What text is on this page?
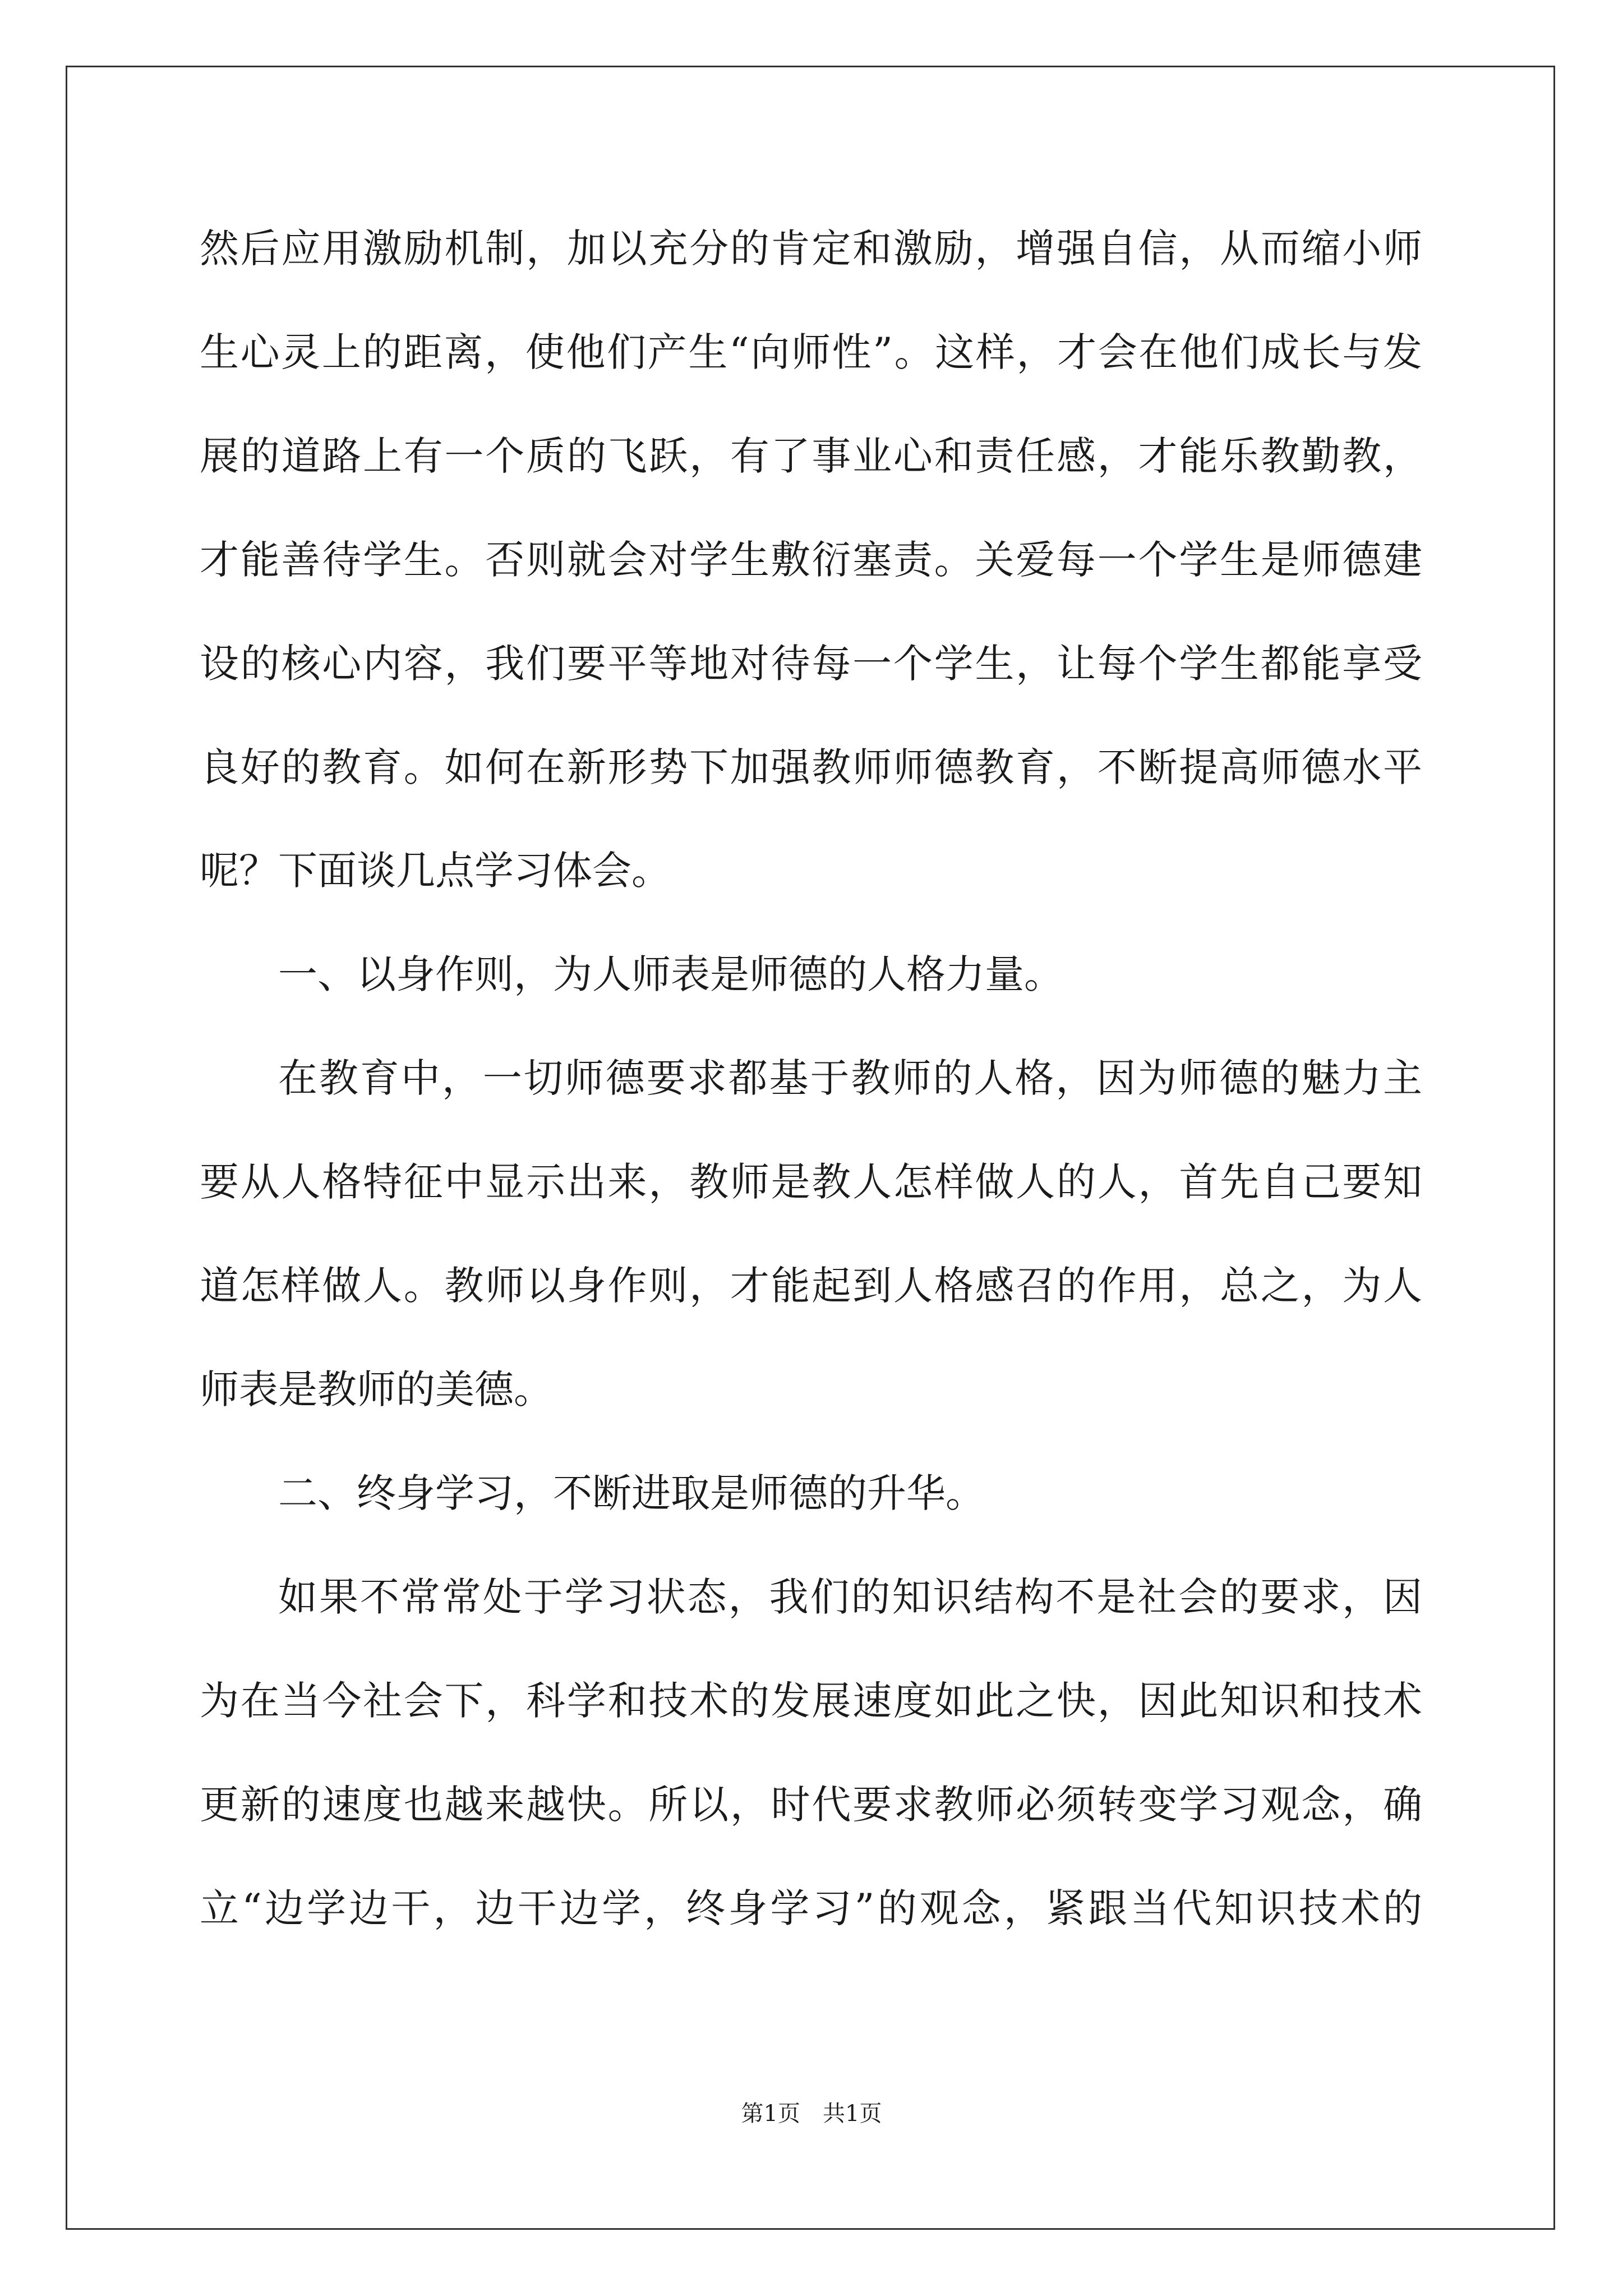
然后应用激励机制，加以充分的肯定和激励，增强自信，从而缩小师
生心灵上的距离，使他们产生“向师性”。这样，才会在他们成长与发
展的道路上有一个质的飞跃，有了事业心和责任感，才能乐教勤教，
才能善待学生。否则就会对学生敷衍塞责。关爱每一个学生是师德建
设的核心内容，我们要平等地对待每一个学生，让每个学生都能享受
良好的教育。如何在新形势下加强教师师德教育，不断提高师德水平
呢？下面谈几点学习体会。
一、以身作则，为人师表是师德的人格力量。
在教育中，一切师德要求都基于教师的人格，因为师德的魅力主
要从人格特征中显示出来，教师是教人怎样做人的人，首先自己要知
道怎样做人。教师以身作则，才能起到人格感召的作用，总之，为人
师表是教师的美德。
二、终身学习，不断进取是师德的升华。
如果不常常处于学习状态，我们的知识结构不是社会的要求，因
为在当今社会下，科学和技术的发展速度如此之快，因此知识和技术
更新的速度也越来越快。所以，时代要求教师必须转变学习观念，确
立“边学边干，边干边学，终身学习”的观念，紧跟当代知识技术的
第1页　共1页
